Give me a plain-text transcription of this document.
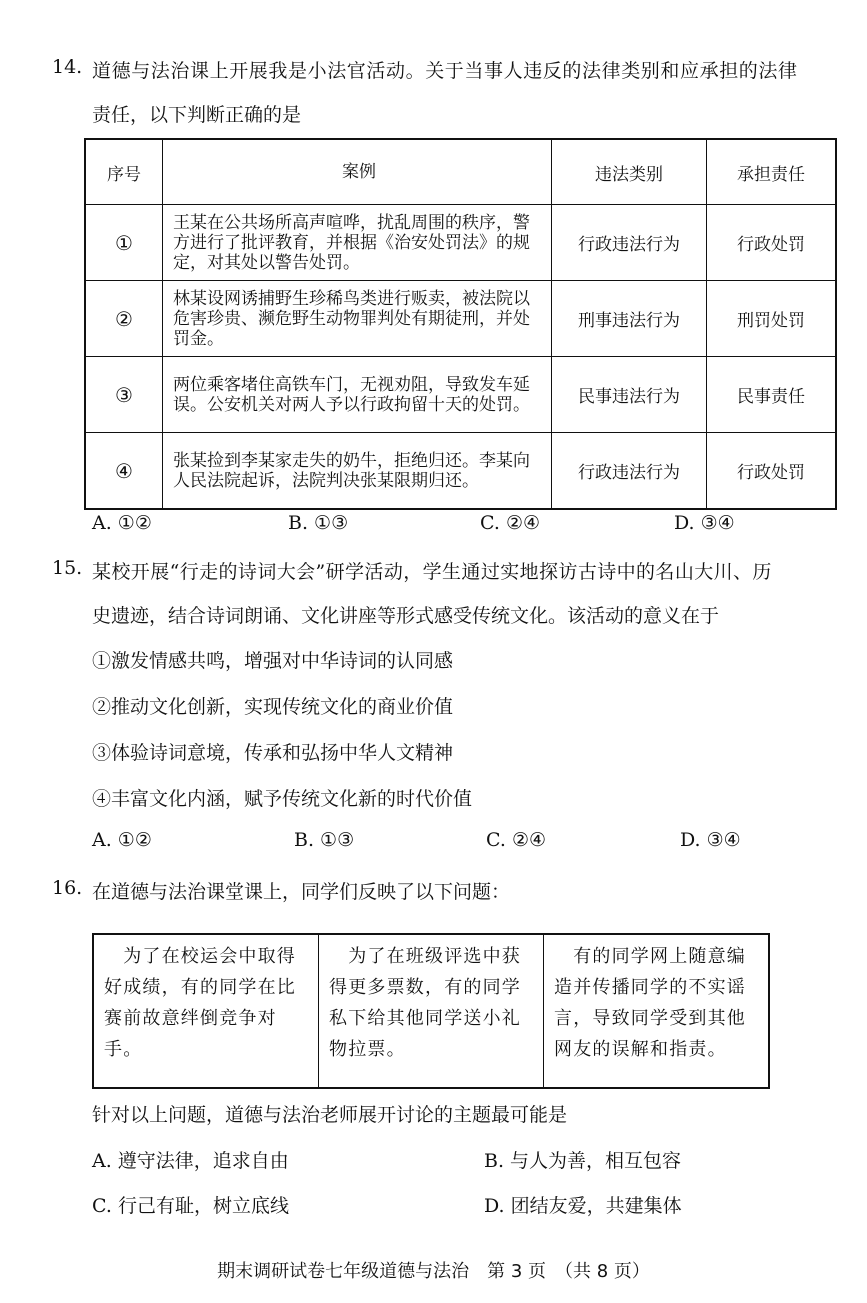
14. 道德与法治课上开展我是小法官活动。关于当事人违反的法律类别和应承担的法律
责任，以下判断正确的是
序号	案例	违法类别	承担责任
①	王某在公共场所高声喧哗，扰乱周围的秩序，警方进行了批评教育，并根据《治安处罚法》的规定，对其处以警告处罚。	行政违法行为	行政处罚
②	林某设网诱捕野生珍稀鸟类进行贩卖，被法院以危害珍贵、濒危野生动物罪判处有期徒刑，并处罚金。	刑事违法行为	刑罚处罚
③	两位乘客堵住高铁车门，无视劝阻，导致发车延误。公安机关对两人予以行政拘留十天的处罚。	民事违法行为	民事责任
④	张某捡到李某家走失的奶牛，拒绝归还。李某向人民法院起诉，法院判决张某限期归还。	行政违法行为	行政处罚
A. ①②	B. ①③	C. ②④	D. ③④
15. 某校开展“行走的诗词大会”研学活动，学生通过实地探访古诗中的名山大川、历
史遗迹，结合诗词朗诵、文化讲座等形式感受传统文化。该活动的意义在于
①激发情感共鸣，增强对中华诗词的认同感
②推动文化创新，实现传统文化的商业价值
③体验诗词意境，传承和弘扬中华人文精神
④丰富文化内涵，赋予传统文化新的时代价值
A. ①②	B. ①③	C. ②④	D. ③④
16. 在道德与法治课堂课上，同学们反映了以下问题：
　为了在校运会中取得好成绩，有的同学在比赛前故意绊倒竞争对手。	　为了在班级评选中获得更多票数，有的同学私下给其他同学送小礼物拉票。	　有的同学网上随意编造并传播同学的不实谣言，导致同学受到其他网友的误解和指责。
针对以上问题，道德与法治老师展开讨论的主题最可能是
A. 遵守法律，追求自由	B. 与人为善，相互包容
C. 行己有耻，树立底线	D. 团结友爱，共建集体
期末调研试卷七年级道德与法治　第 3 页　（共 8 页）
